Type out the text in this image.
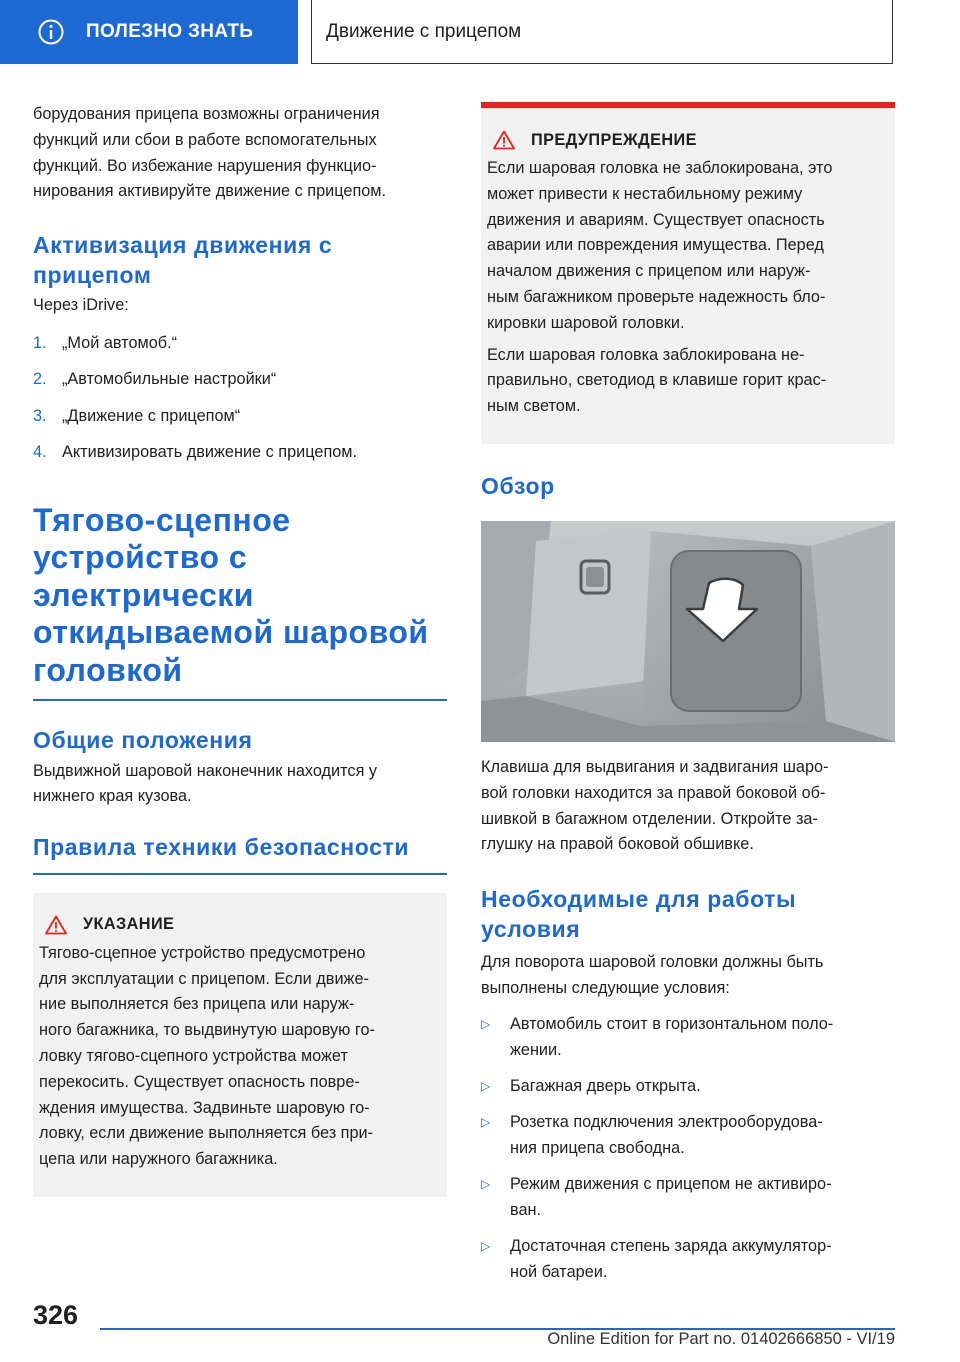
ПОЛЕЗНО ЗНАТЬ	Движение с прицепом

борудования прицепа возможны ограничения

функций или сбои в работе вспомогательных

функций. Во избежание нарушения функцио-

нирования активируйте движение с прицепом.

Активизация движения с
прицепом

Через iDrive:

1. „Мой автомоб.“
2. „Автомобильные настройки“
3. „Движение с прицепом“
4. Активизировать движение с прицепом.
Тягово-сцепное
устройство с
электрически
откидываемой шаровой
головкой
Общие положения

Выдвижной шаровой наконечник находится у

нижнего края кузова.

Правила техники безопасности
УКАЗАНИЕ

Тягово-сцепное устройство предусмотрено

для эксплуатации с прицепом. Если движе-

ние выполняется без прицепа или наруж-

ного багажника, то выдвинутую шаровую го-

ловку тягово-сцепного устройства может

перекосить. Существует опасность повре-

ждения имущества. Задвиньте шаровую го-

ловку, если движение выполняется без при-

цепа или наружного багажника.

ПРЕДУПРЕЖДЕНИЕ

Если шаровая головка не заблокирована, это

может привести к нестабильному режиму

движения и авариям. Существует опасность

аварии или повреждения имущества. Перед

началом движения с прицепом или наруж-

ным багажником проверьте надежность бло-

кировки шаровой головки.

Если шаровая головка заблокирована не-

правильно, светодиод в клавише горит крас-

ным светом.

Обзор

Клавиша для выдвигания и задвигания шаро-

вой головки находится за правой боковой об-

шивкой в багажном отделении. Откройте за-

глушку на правой боковой обшивке.

Необходимые для работы
условия

Для поворота шаровой головки должны быть

выполнены следующие условия:

▷	Автомобиль стоит в горизонтальном поло-
жении.
▷	Багажная дверь открыта.
▷	Розетка подключения электрооборудова-
ния прицепа свободна.
▷	Режим движения с прицепом не активиро-
ван.
▷	Достаточная степень заряда аккумулятор-
ной батареи.
326
Online Edition for Part no. 01402666850 - VI/19
